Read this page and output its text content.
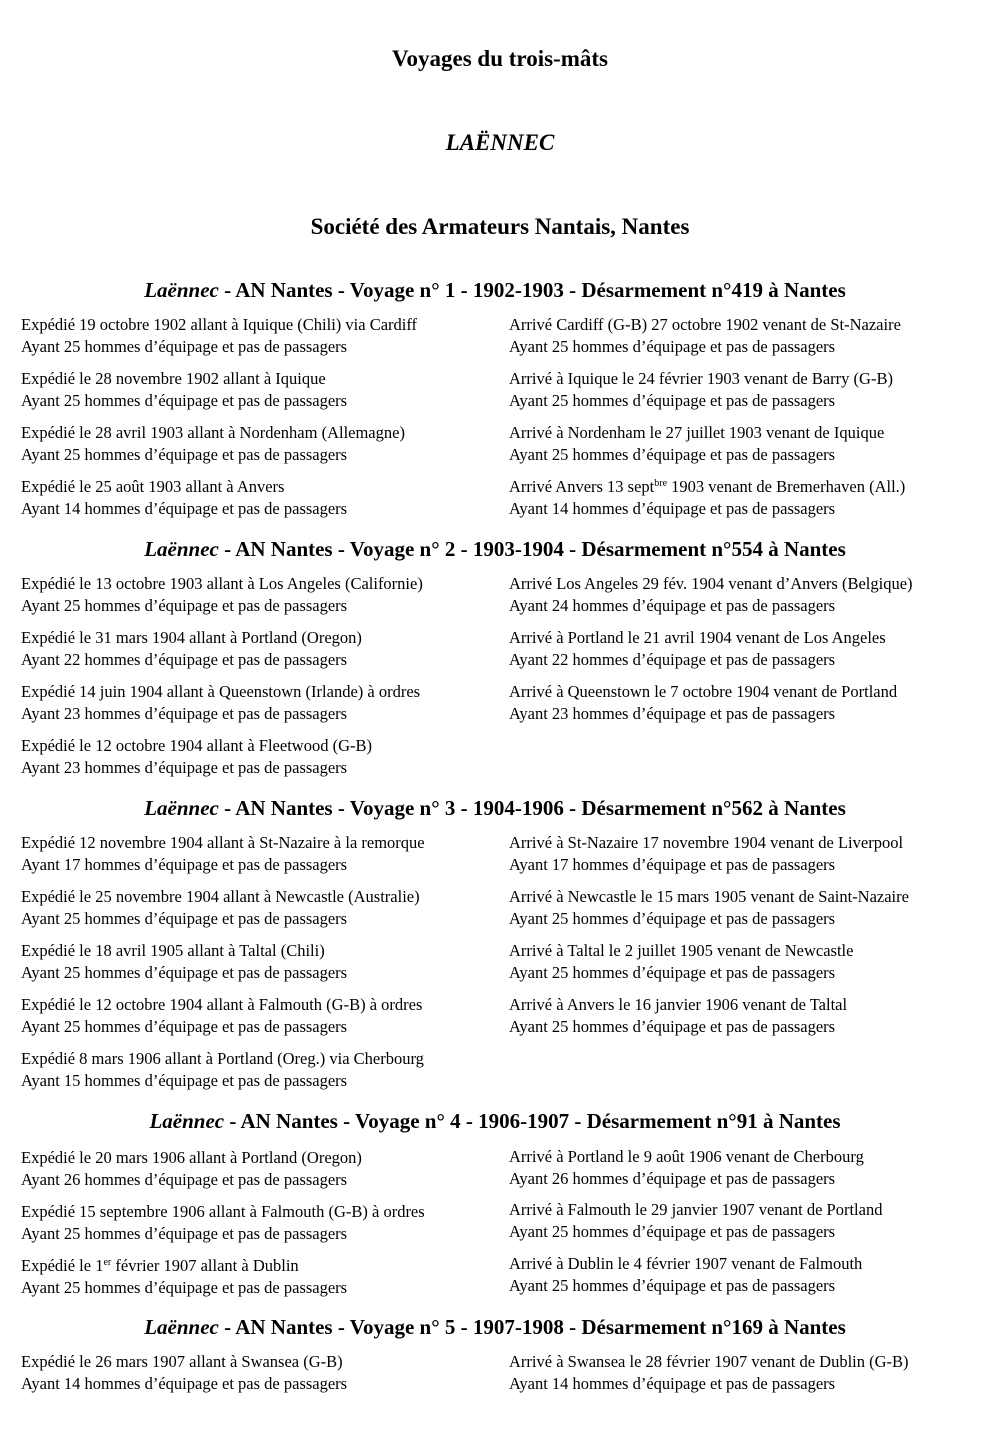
Voyages du trois-mâts
LAËNNEC
Société des Armateurs Nantais, Nantes
Laënnec - AN Nantes - Voyage n° 1 - 1902-1903 - Désarmement n°419 à Nantes
Expédié 19 octobre 1902 allant à Iquique (Chili) via Cardiff
Ayant 25 hommes d’équipage et pas de passagers
Arrivé Cardiff (G-B) 27 octobre 1902 venant de St-Nazaire
Ayant 25 hommes d’équipage et pas de passagers
Expédié le 28 novembre 1902 allant à Iquique
Ayant 25 hommes d’équipage et pas de passagers
Arrivé à Iquique le 24 février 1903 venant de Barry (G-B)
Ayant 25 hommes d’équipage et pas de passagers
Expédié le 28 avril 1903 allant à Nordenham (Allemagne)
Ayant 25 hommes d’équipage et pas de passagers
Arrivé à Nordenham le 27 juillet 1903 venant de Iquique
Ayant 25 hommes d’équipage et pas de passagers
Expédié le 25 août 1903 allant à Anvers
Ayant 14 hommes d’équipage et pas de passagers
Arrivé Anvers 13 sept$^{bre}$ 1903 venant de Bremerhaven (All.)
Ayant 14 hommes d’équipage et pas de passagers
Laënnec - AN Nantes - Voyage n° 2 - 1903-1904 - Désarmement n°554 à Nantes
Expédié le 13 octobre 1903 allant à Los Angeles (Californie)
Ayant 25 hommes d’équipage et pas de passagers
Arrivé Los Angeles 29 fév. 1904 venant d’Anvers (Belgique)
Ayant 24 hommes d’équipage et pas de passagers
Expédié le 31 mars 1904 allant à Portland (Oregon)
Ayant 22 hommes d’équipage et pas de passagers
Arrivé à Portland le 21 avril 1904 venant de Los Angeles
Ayant 22 hommes d’équipage et pas de passagers
Expédié 14 juin 1904 allant à Queenstown (Irlande) à ordres
Ayant 23 hommes d’équipage et pas de passagers
Arrivé à Queenstown le 7 octobre 1904 venant de Portland
Ayant 23 hommes d’équipage et pas de passagers
Expédié le 12 octobre 1904 allant à Fleetwood (G-B)
Ayant 23 hommes d’équipage et pas de passagers
Laënnec - AN Nantes - Voyage n° 3 - 1904-1906 - Désarmement n°562 à Nantes
Expédié 12 novembre 1904 allant à St-Nazaire à la remorque
Ayant 17 hommes d’équipage et pas de passagers
Arrivé à St-Nazaire 17 novembre 1904 venant de Liverpool
Ayant 17 hommes d’équipage et pas de passagers
Expédié le 25 novembre 1904 allant à Newcastle (Australie)
Ayant 25 hommes d’équipage et pas de passagers
Arrivé à Newcastle le 15 mars 1905 venant de Saint-Nazaire
Ayant 25 hommes d’équipage et pas de passagers
Expédié le 18 avril 1905 allant à Taltal (Chili)
Ayant 25 hommes d’équipage et pas de passagers
Arrivé à Taltal le 2 juillet 1905 venant de Newcastle
Ayant 25 hommes d’équipage et pas de passagers
Expédié le 12 octobre 1904 allant à Falmouth (G-B) à ordres
Ayant 25 hommes d’équipage et pas de passagers
Arrivé à Anvers le 16 janvier 1906 venant de Taltal
Ayant 25 hommes d’équipage et pas de passagers
Expédié 8 mars 1906 allant à Portland (Oreg.) via Cherbourg
Ayant 15 hommes d’équipage et pas de passagers
Laënnec - AN Nantes - Voyage n° 4 - 1906-1907 - Désarmement n°91 à Nantes
Expédié le 20 mars 1906 allant à Portland (Oregon)
Ayant 26 hommes d’équipage et pas de passagers
Arrivé à Portland le 9 août 1906 venant de Cherbourg
Ayant 26 hommes d’équipage et pas de passagers
Expédié 15 septembre 1906 allant à Falmouth (G-B) à ordres
Ayant 25 hommes d’équipage et pas de passagers
Arrivé à Falmouth le 29 janvier 1907 venant de Portland
Ayant 25 hommes d’équipage et pas de passagers
Expédié le 1er février 1907 allant à Dublin
Ayant 25 hommes d’équipage et pas de passagers
Arrivé à Dublin le 4 février 1907 venant de Falmouth
Ayant 25 hommes d’équipage et pas de passagers
Laënnec - AN Nantes - Voyage n° 5 - 1907-1908 - Désarmement n°169 à Nantes
Expédié le 26 mars 1907 allant à Swansea (G-B)
Ayant 14 hommes d’équipage et pas de passagers
Arrivé à Swansea le 28 février 1907 venant de Dublin (G-B)
Ayant 14 hommes d’équipage et pas de passagers
